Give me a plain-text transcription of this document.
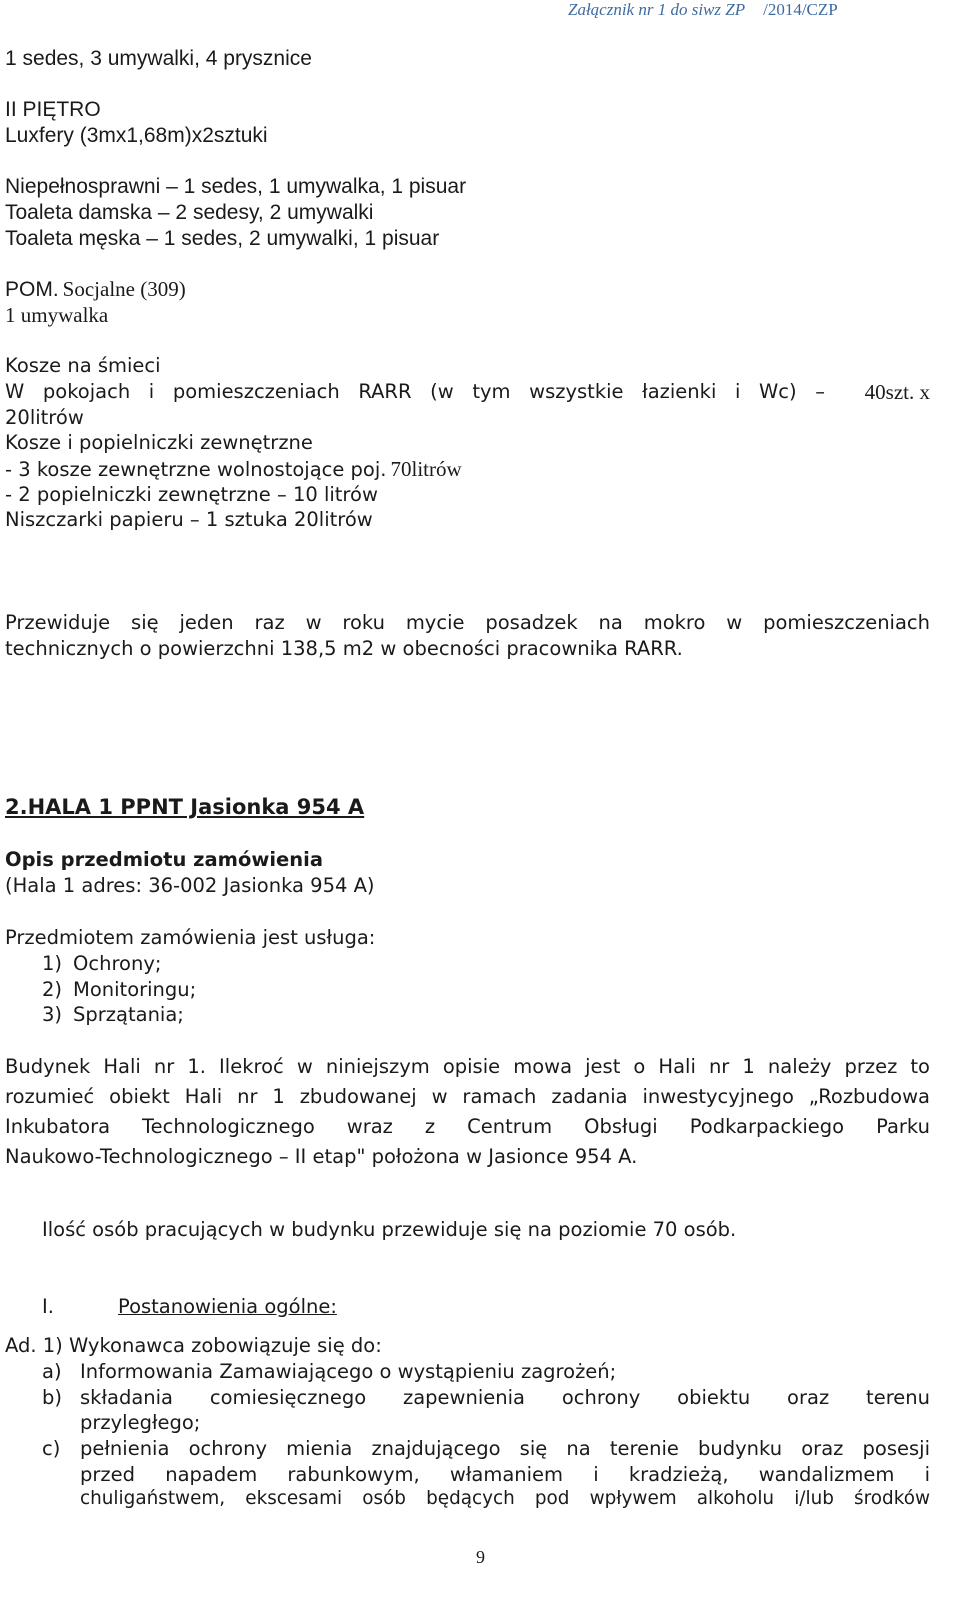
Załącznik nr 1 do siwz ZP /2014/CZP
1 sedes, 3 umywalki, 4 prysznice
II PIĘTRO
Luxfery (3mx1,68m)x2sztuki
Niepełnosprawni – 1 sedes, 1 umywalka, 1 pisuar
Toaleta damska – 2 sedesy, 2 umywalki
Toaleta męska – 1 sedes, 2 umywalki, 1 pisuar
POM. Socjalne (309)
1 umywalka
Kosze na śmieci
W pokojach i pomieszczeniach RARR (w tym wszystkie łazienki i Wc) – 40szt. x
20litrów
Kosze i popielniczki zewnętrzne
- 3 kosze zewnętrzne wolnostojące poj. 70litrów
- 2 popielniczki zewnętrzne – 10 litrów
Niszczarki papieru – 1 sztuka 20litrów
Przewiduje się jeden raz w roku mycie posadzek na mokro w pomieszczeniach
technicznych o powierzchni 138,5 m2 w obecności pracownika RARR.
2.HALA 1 PPNT Jasionka 954 A
Opis przedmiotu zamówienia
(Hala 1 adres: 36-002 Jasionka 954 A)
Przedmiotem zamówienia jest usługa:
1) Ochrony;
2) Monitoringu;
3) Sprzątania;
Budynek Hali nr 1. Ilekroć w niniejszym opisie mowa jest o Hali nr 1 należy przez to
rozumieć obiekt Hali nr 1 zbudowanej w ramach zadania inwestycyjnego „Rozbudowa
Inkubatora Technologicznego wraz z Centrum Obsługi Podkarpackiego Parku
Naukowo-Technologicznego – II etap" położona w Jasionce 954 A.
Ilość osób pracujących w budynku przewiduje się na poziomie 70 osób.
I.	Postanowienia ogólne:
Ad. 1) Wykonawca zobowiązuje się do:
a) Informowania Zamawiającego o wystąpieniu zagrożeń;
b) składania comiesięcznego zapewnienia ochrony obiektu oraz terenu
przyległego;
c) pełnienia ochrony mienia znajdującego się na terenie budynku oraz posesji
przed napadem rabunkowym, włamaniem i kradzieżą, wandalizmem i
chuligaństwem, ekscesami osób będących pod wpływem alkoholu i/lub środków
9
